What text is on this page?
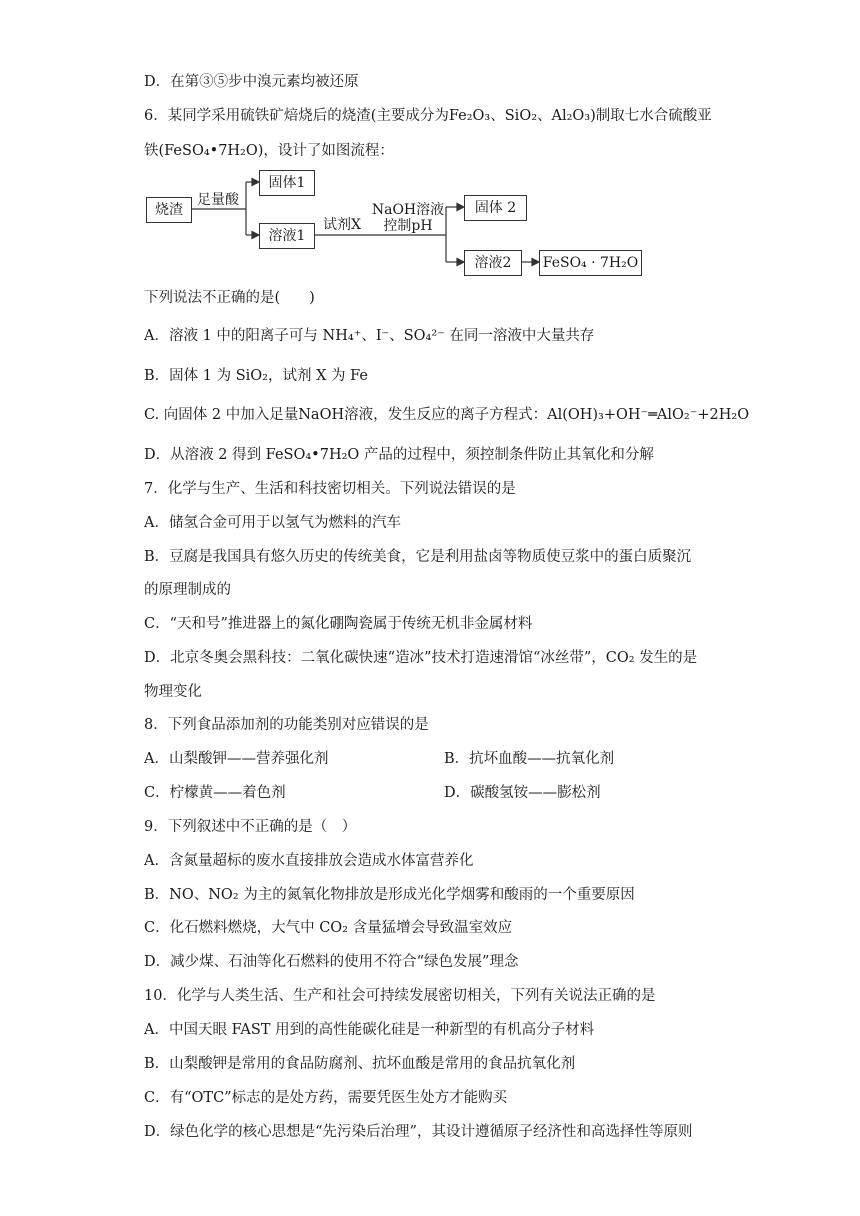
D．在第③⑤步中溴元素均被还原
6．某同学采用硫铁矿焙烧后的烧渣(主要成分为Fe₂O₃、SiO₂、Al₂O₃)制取七水合硫酸亚
铁(FeSO₄•7H₂O)，设计了如图流程：
烧渣
足量酸
固体1
溶液1
试剂X
NaOH溶液
控制pH
固体 2
溶液2	FeSO₄ · 7H₂O
下列说法不正确的是(　　)
A．溶液 1 中的阳离子可与 NH₄⁺、I⁻、SO₄²⁻ 在同一溶液中大量共存
B．固体 1 为 SiO₂，试剂 X 为 Fe
C. 向固体 2 中加入足量NaOH溶液，发生反应的离子方程式：Al(OH)₃+OH⁻═AlO₂⁻+2H₂O
D．从溶液 2 得到 FeSO₄•7H₂O 产品的过程中，须控制条件防止其氧化和分解
7．化学与生产、生活和科技密切相关。下列说法错误的是
A．储氢合金可用于以氢气为燃料的汽车
B．豆腐是我国具有悠久历史的传统美食，它是利用盐卤等物质使豆浆中的蛋白质聚沉
的原理制成的
C．“天和号”推进器上的氮化硼陶瓷属于传统无机非金属材料
D．北京冬奥会黑科技：二氧化碳快速“造冰”技术打造速滑馆“冰丝带”，CO₂ 发生的是
物理变化
8．下列食品添加剂的功能类别对应错误的是
A．山梨酸钾——营养强化剂	B．抗坏血酸——抗氧化剂
C．柠檬黄——着色剂	D．碳酸氢铵——膨松剂
9．下列叙述中不正确的是（　）
A．含氮量超标的废水直接排放会造成水体富营养化
B．NO、NO₂ 为主的氮氧化物排放是形成光化学烟雾和酸雨的一个重要原因
C．化石燃料燃烧，大气中 CO₂ 含量猛增会导致温室效应
D．减少煤、石油等化石燃料的使用不符合“绿色发展”理念
10．化学与人类生活、生产和社会可持续发展密切相关，下列有关说法正确的是
A．中国天眼 FAST 用到的高性能碳化硅是一种新型的有机高分子材料
B．山梨酸钾是常用的食品防腐剂、抗坏血酸是常用的食品抗氧化剂
C．有“OTC”标志的是处方药，需要凭医生处方才能购买
D．绿色化学的核心思想是“先污染后治理”，其设计遵循原子经济性和高选择性等原则
